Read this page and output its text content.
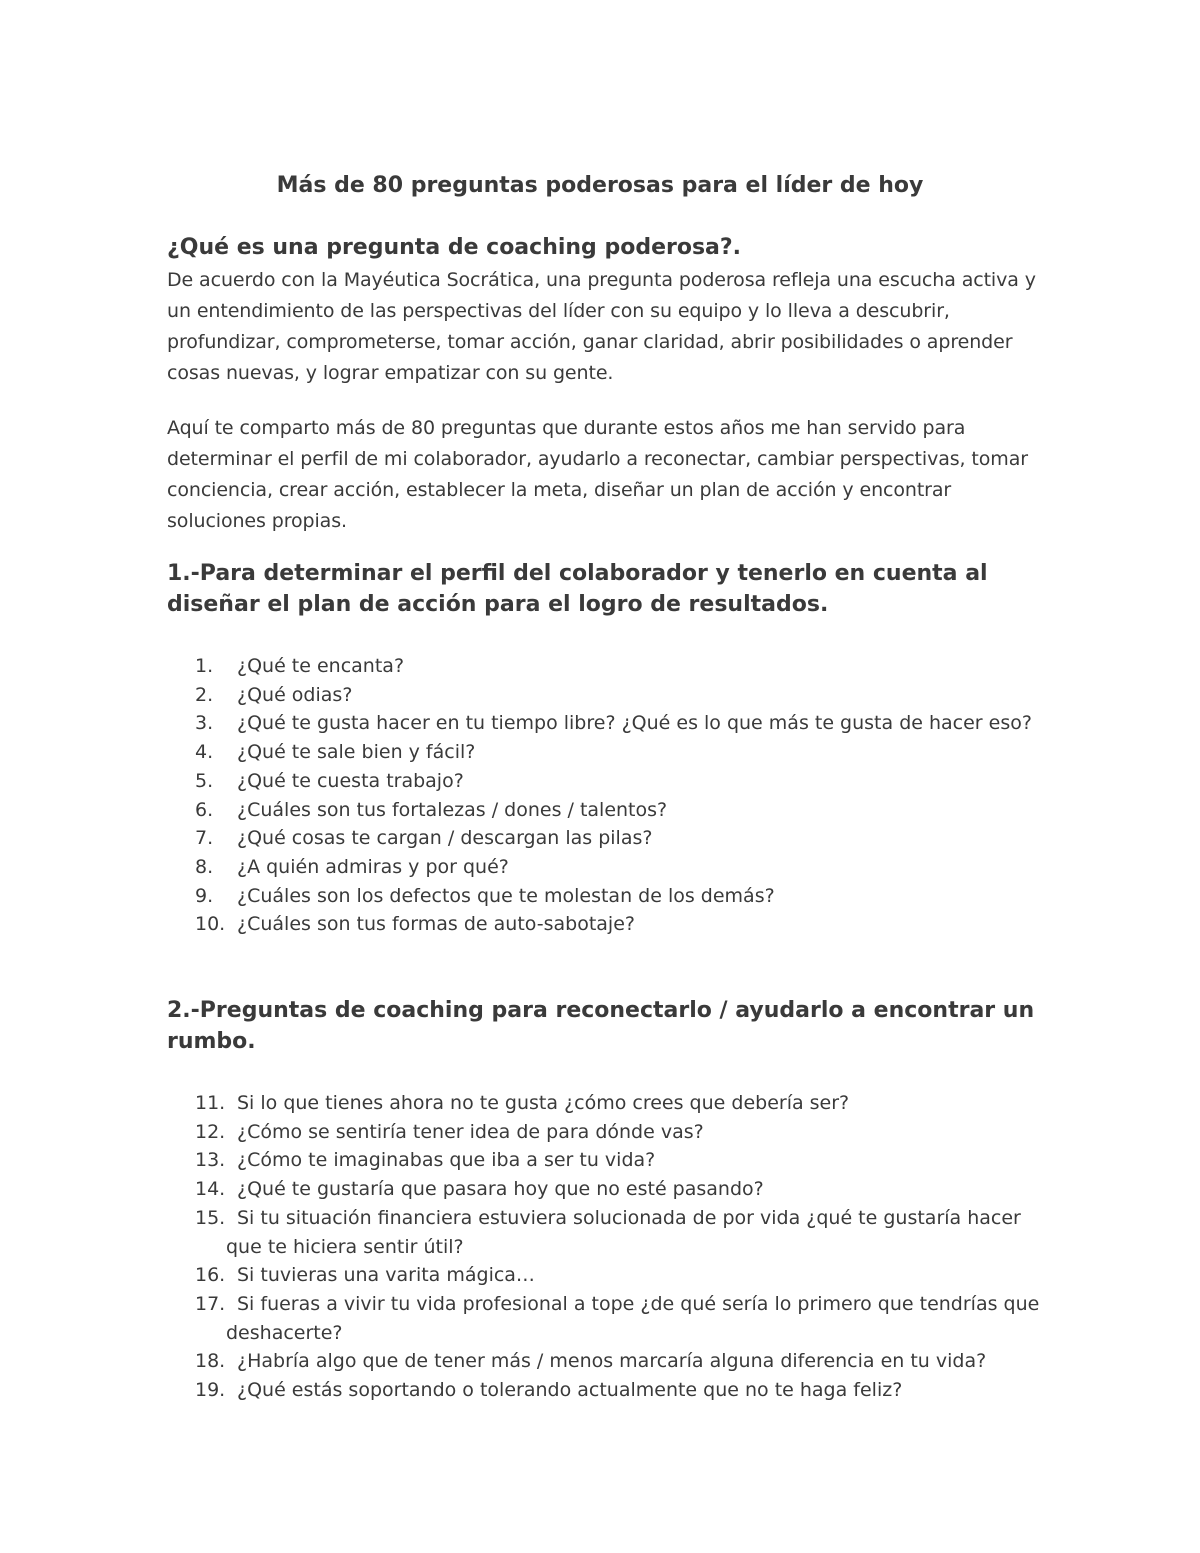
Más de 80 preguntas poderosas para el líder de hoy
¿Qué es una pregunta de coaching poderosa?.

De acuerdo con la Mayéutica Socrática, una pregunta poderosa refleja una escucha activa y un entendimiento de las perspectivas del líder con su equipo y lo lleva a descubrir, profundizar, comprometerse, tomar acción, ganar claridad, abrir posibilidades o aprender cosas nuevas, y lograr empatizar con su gente.

Aquí te comparto más de 80 preguntas que durante estos años me han servido para determinar el perfil de mi colaborador, ayudarlo a reconectar, cambiar perspectivas, tomar conciencia, crear acción, establecer la meta, diseñar un plan de acción y encontrar soluciones propias.

1.-Para determinar el perfil del colaborador y tenerlo en cuenta al diseñar el plan de acción para el logro de resultados.
1.	¿Qué te encanta?
2.	¿Qué odias?
3.	¿Qué te gusta hacer en tu tiempo libre? ¿Qué es lo que más te gusta de hacer eso?
4.	¿Qué te sale bien y fácil?
5.	¿Qué te cuesta trabajo?
6.	¿Cuáles son tus fortalezas / dones / talentos?
7.	¿Qué cosas te cargan / descargan las pilas?
8.	¿A quién admiras y por qué?
9.	¿Cuáles son los defectos que te molestan de los demás?
10. ¿Cuáles son tus formas de auto-sabotaje?
2.-Preguntas de coaching para reconectarlo / ayudarlo a encontrar un rumbo.
11. Si lo que tienes ahora no te gusta ¿cómo crees que debería ser?
12. ¿Cómo se sentiría tener idea de para dónde vas?
13. ¿Cómo te imaginabas que iba a ser tu vida?
14. ¿Qué te gustaría que pasara hoy que no esté pasando?
15. Si tu situación financiera estuviera solucionada de por vida ¿qué te gustaría hacer que te hiciera sentir útil?
16. Si tuvieras una varita mágica…
17. Si fueras a vivir tu vida profesional a tope ¿de qué sería lo primero que tendrías que deshacerte?
18. ¿Habría algo que de tener más / menos marcaría alguna diferencia en tu vida?
19. ¿Qué estás soportando o tolerando actualmente que no te haga feliz?
